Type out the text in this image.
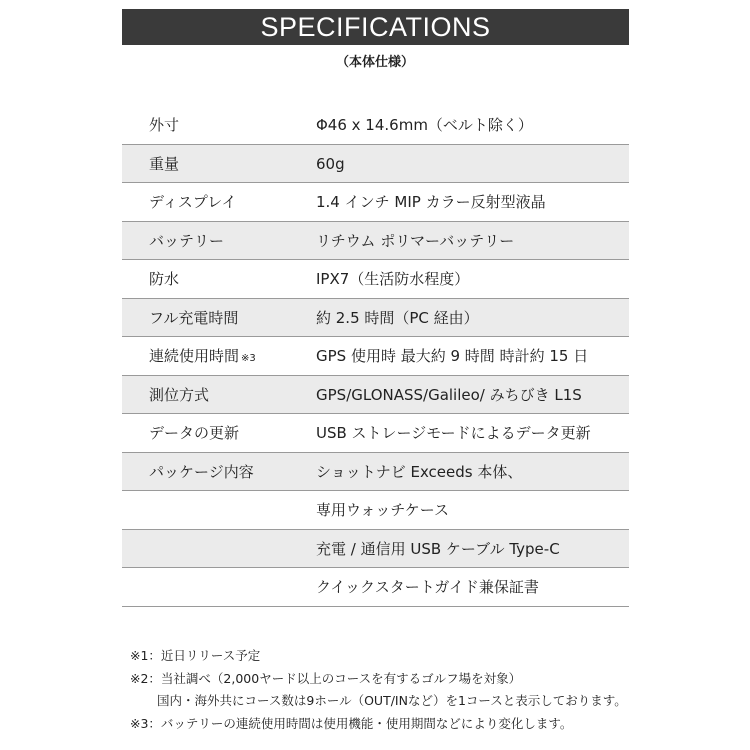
SPECIFICATIONS
（本体仕様）
外寸	Φ46 x 14.6mm（ベルト除く）
重量	60g
ディスプレイ	1.4 インチ MIP カラー反射型液晶
バッテリー	リチウム ポリマーバッテリー
防水	IPX7（生活防水程度）
フル充電時間	約 2.5 時間（PC 経由）
連続使用時間 ※3	GPS 使用時 最大約 9 時間 時計約 15 日
測位方式	GPS/GLONASS/Galileo/ みちびき L1S
データの更新	USB ストレージモードによるデータ更新
パッケージ内容	ショットナビ Exceeds 本体、
専用ウォッチケース
充電 / 通信用 USB ケーブル Type-C
クイックスタートガイド兼保証書
※1：近日リリース予定
※2：当社調べ（2,000ヤード以上のコースを有するゴルフ場を対象）
国内・海外共にコース数は9ホール（OUT/INなど）を1コースと表示しております。
※3：バッテリーの連続使用時間は使用機能・使用期間などにより変化します。
